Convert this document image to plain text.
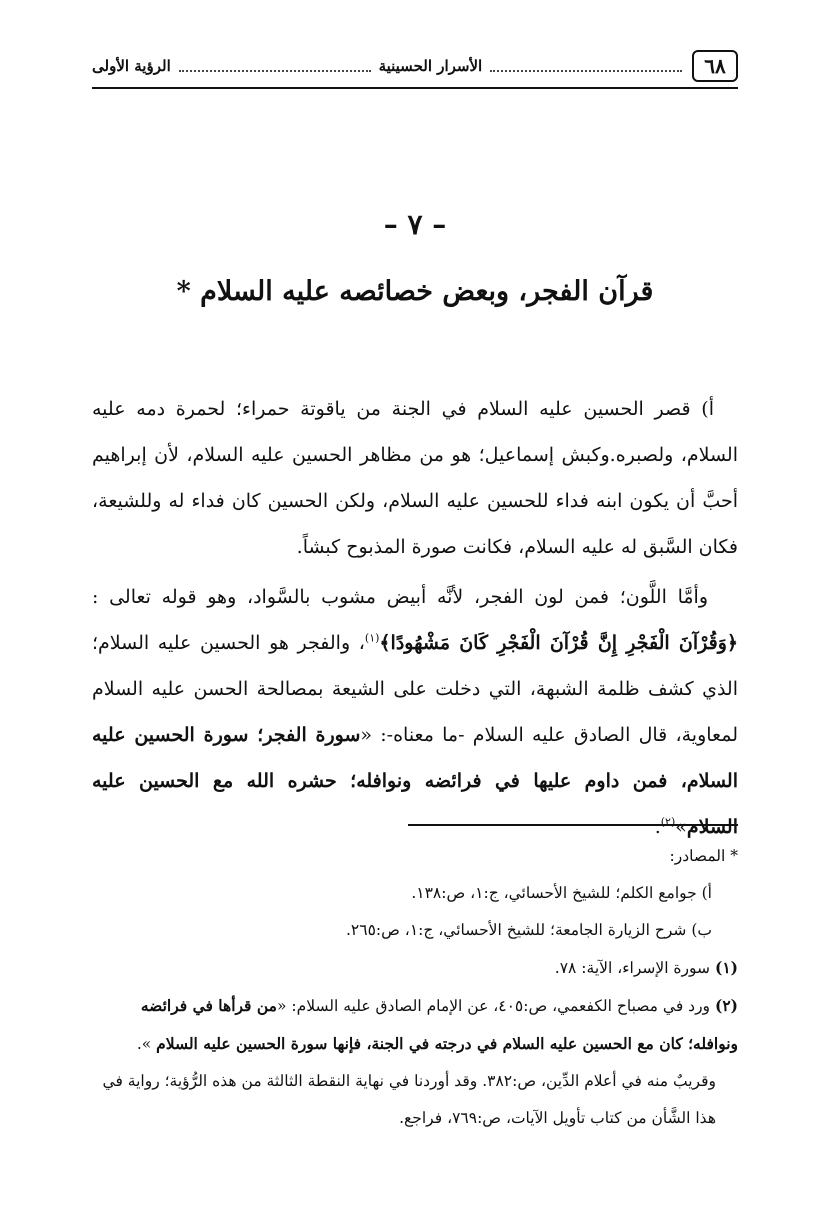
٦٨
الأسرار الحسينية
الرؤية الأولى
– ٧ –
قرآن الفجر، وبعض خصائصه عليه السلام *

أ) قصر الحسين عليه السلام في الجنة من ياقوتة حمراء؛ لحمرة دمه عليه السلام، ولصبره.وكبش إسماعيل؛ هو من مظاهر الحسين عليه السلام، لأن إبراهيم أحبَّ أن يكون ابنه فداء للحسين عليه السلام، ولكن الحسين كان فداء له وللشيعة، فكان السَّبق له عليه السلام، فكانت صورة المذبوح كبشاً.

وأمَّا اللَّون؛ فمن لون الفجر، لأنَّه أبيض مشوب بالسَّواد، وهو قوله تعالى : ﴿وَقُرْآنَ الْفَجْرِ إِنَّ قُرْآنَ الْفَجْرِ كَانَ مَشْهُودًا﴾$^{(١)}$، والفجر هو الحسين عليه السلام؛ الذي كشف ظلمة الشبهة، التي دخلت على الشيعة بمصالحة الحسن عليه السلام لمعاوية، قال الصادق عليه السلام -ما معناه-: «سورة الفجر؛ سورة الحسين عليه السلام، فمن داوم عليها في فرائضه ونوافله؛ حشره الله مع الحسين عليه السلام»$^{(٢)}$.

* المصادر:

أ) جوامع الكلم؛ للشيخ الأحسائي، ج:١، ص:١٣٨.

ب) شرح الزيارة الجامعة؛ للشيخ الأحسائي، ج:١، ص:٢٦٥.

(١) سورة الإسراء، الآية: ٧٨.

(٢) ورد في مصباح الكفعمي، ص:٤٠٥، عن الإمام الصادق عليه السلام: «من قرأها في فرائضه ونوافله؛ كان مع الحسين عليه السلام في درجته في الجنة، فإنها سورة الحسين عليه السلام ».

وقريبٌ منه في أعلام الدِّين، ص:٣٨٢. وقد أوردنا في نهاية النقطة الثالثة من هذه الرُّؤية؛ رواية في هذا الشَّأن من كتاب تأويل الآيات، ص:٧٦٩، فراجع.
